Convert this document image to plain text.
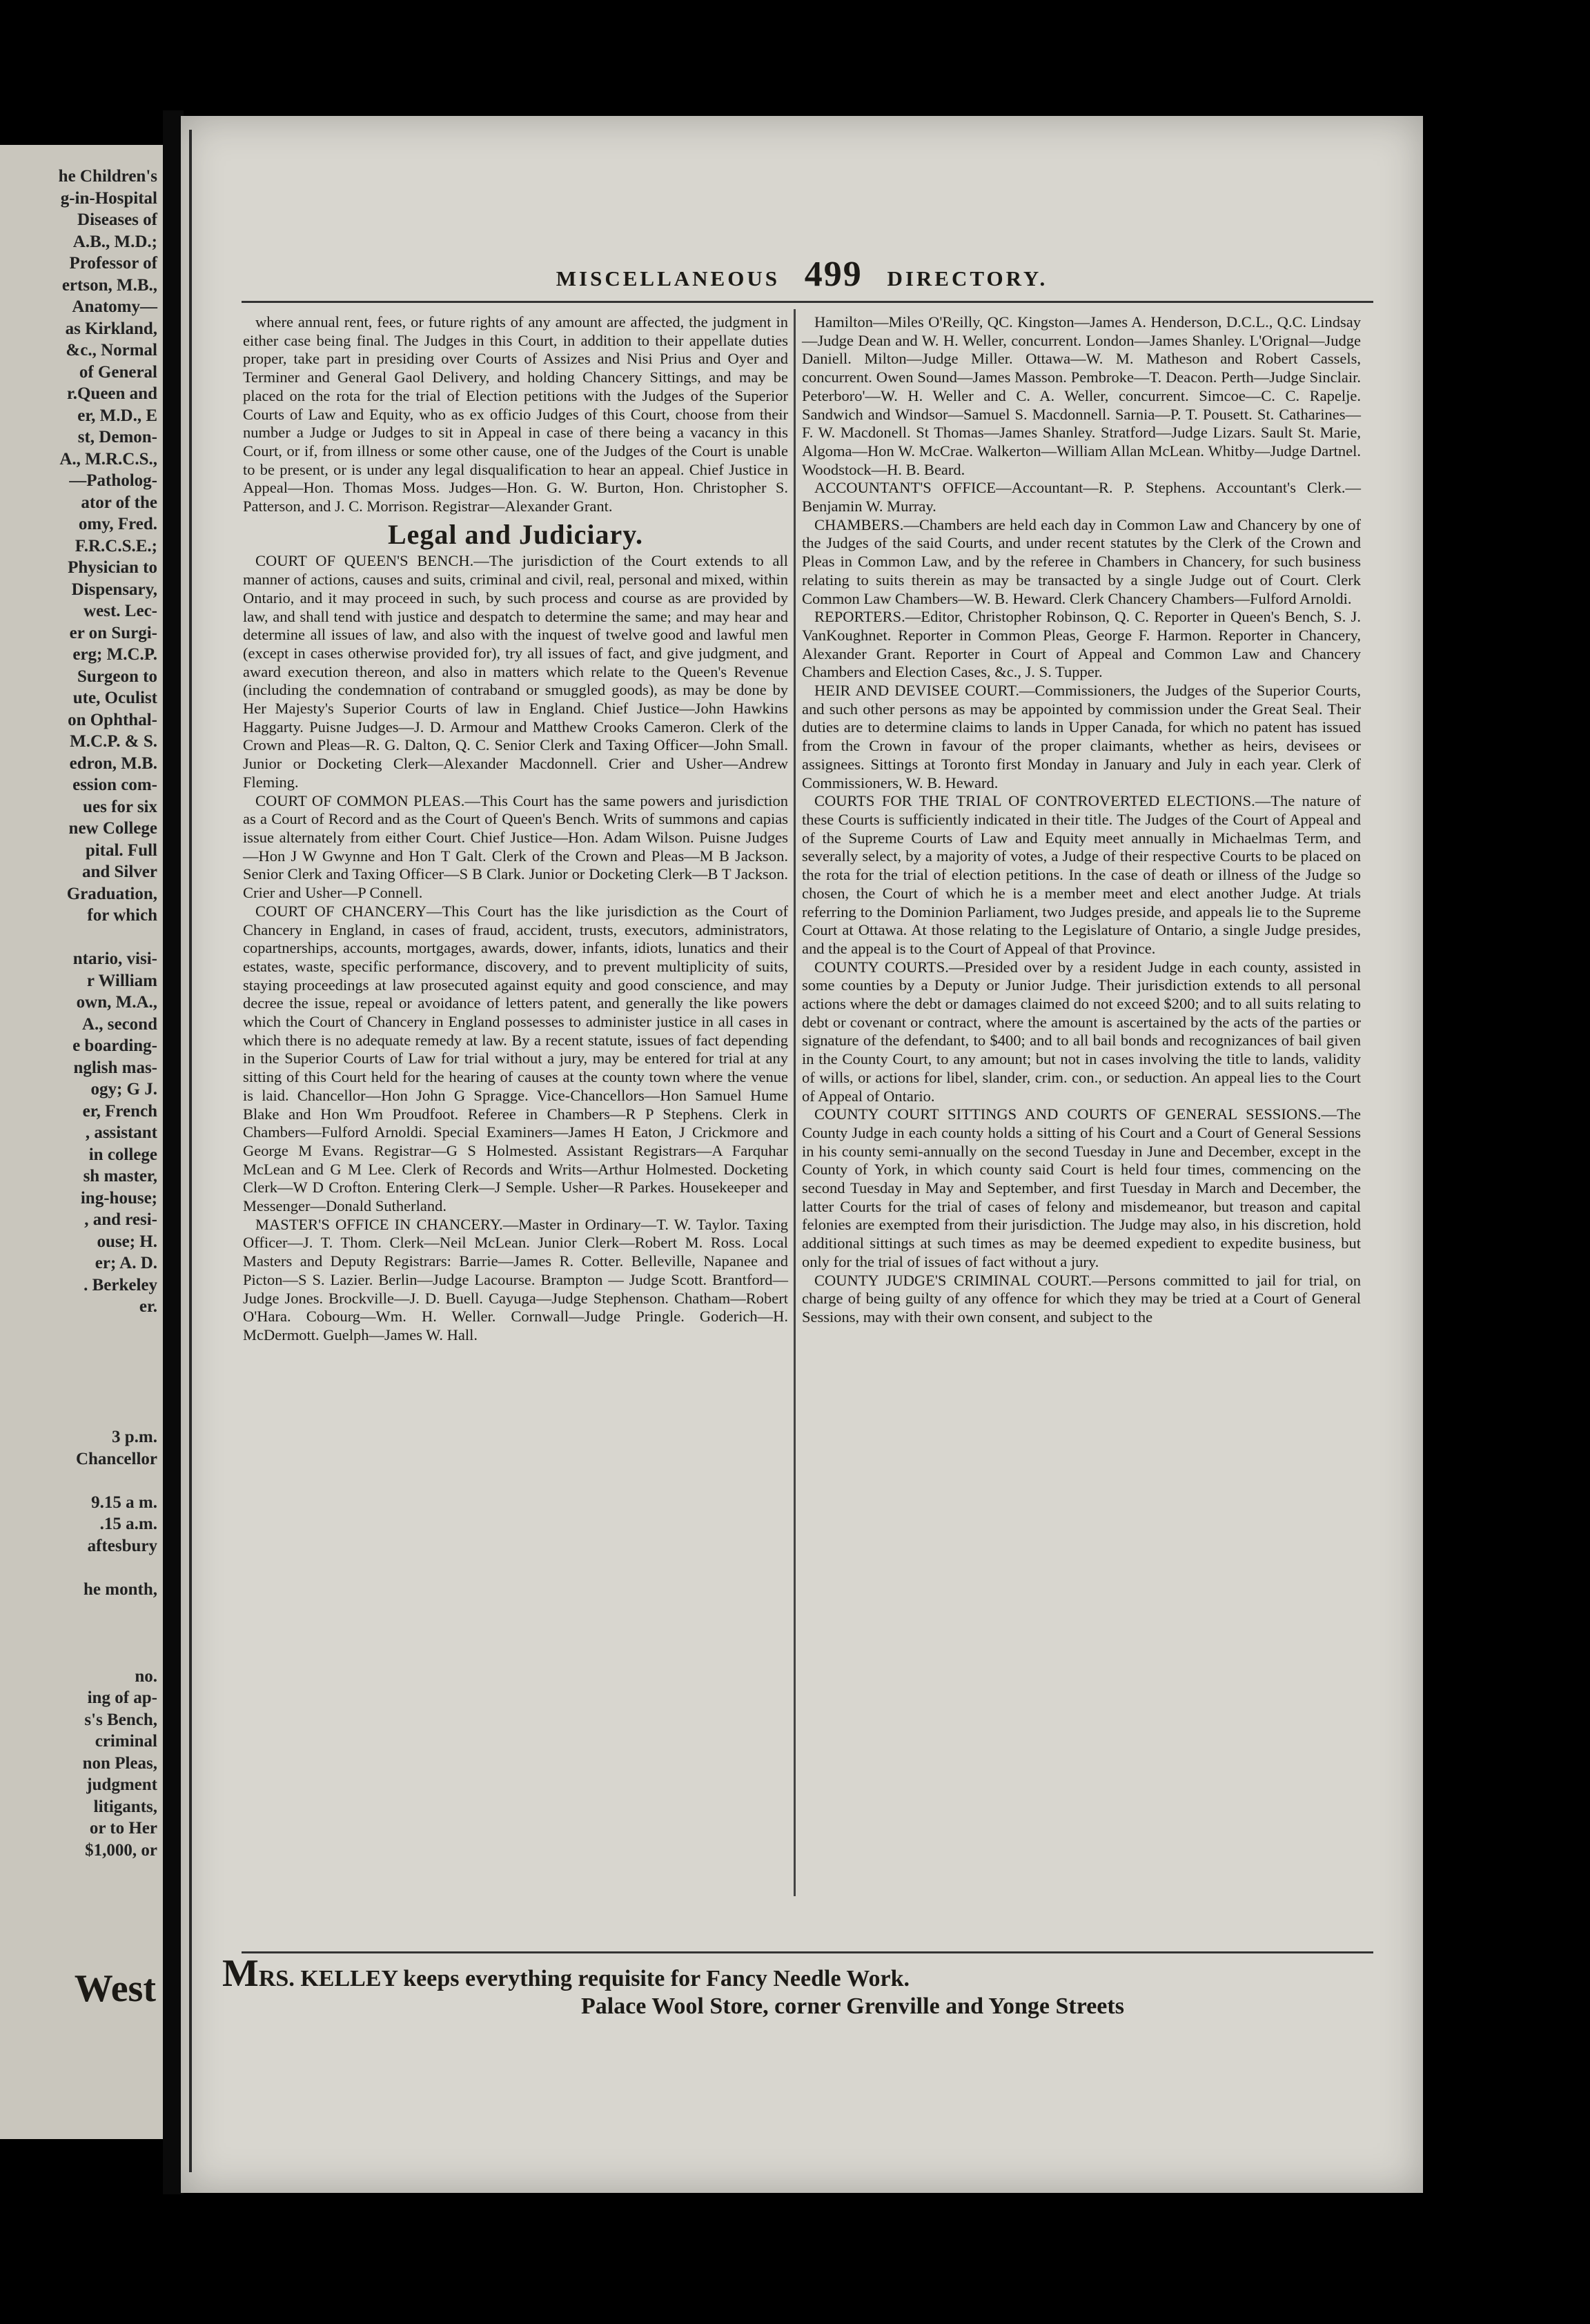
West
he Children's
g-in-Hospital
Diseases of
A.B., M.D.;
Professor of
ertson, M.B.,
Anatomy—
as Kirkland,
&c., Normal
of General
r.Queen and
er, M.D., E
st, Demon-
A., M.R.C.S.,
—Patholog-
ator of the
omy, Fred.
F.R.C.S.E.;
Physician to
Dispensary,
west. Lec-
er on Surgi-
erg; M.C.P.
Surgeon to
ute, Oculist
on Ophthal-
M.C.P. & S.
edron, M.B.
ession com-
ues for six
new College
pital. Full
and Silver
Graduation,
for which
ntario, visi-
r William
own, M.A.,
A., second
e boarding-
nglish mas-
ogy; G J.
er, French
, assistant
in college
sh master,
ing-house;
, and resi-
ouse; H.
er; A. D.
. Berkeley
er.
3 p.m.
Chancellor
9.15 a m.
.15 a.m.
aftesbury
he month,
no.
ing of ap-
s's Bench,
criminal
non Pleas,
judgment
litigants,
or to Her
$1,000, or
MISCELLANEOUS 499 DIRECTORY.

where annual rent, fees, or future rights of any amount are affected, the judgment in either case being final. The Judges in this Court, in addition to their appellate duties proper, take part in presiding over Courts of Assizes and Nisi Prius and Oyer and Terminer and General Gaol Delivery, and holding Chancery Sittings, and may be placed on the rota for the trial of Election petitions with the Judges of the Superior Courts of Law and Equity, who as ex officio Judges of this Court, choose from their number a Judge or Judges to sit in Appeal in case of there being a vacancy in this Court, or if, from illness or some other cause, one of the Judges of the Court is unable to be present, or is under any legal disqualification to hear an appeal. Chief Justice in Appeal—Hon. Thomas Moss. Judges—Hon. G. W. Burton, Hon. Christopher S. Patterson, and J. C. Morrison. Registrar—Alexander Grant.

Legal and Judiciary.

COURT OF QUEEN'S BENCH.—The jurisdiction of the Court extends to all manner of actions, causes and suits, criminal and civil, real, personal and mixed, within Ontario, and it may proceed in such, by such process and course as are provided by law, and shall tend with justice and despatch to determine the same; and may hear and determine all issues of law, and also with the inquest of twelve good and lawful men (except in cases otherwise provided for), try all issues of fact, and give judgment, and award execution thereon, and also in matters which relate to the Queen's Revenue (including the condemnation of contraband or smuggled goods), as may be done by Her Majesty's Superior Courts of law in England. Chief Justice—John Hawkins Haggarty. Puisne Judges—J. D. Armour and Matthew Crooks Cameron. Clerk of the Crown and Pleas—R. G. Dalton, Q. C. Senior Clerk and Taxing Officer—John Small. Junior or Docketing Clerk—Alexander Macdonnell. Crier and Usher—Andrew Fleming.

COURT OF COMMON PLEAS.—This Court has the same powers and jurisdiction as a Court of Record and as the Court of Queen's Bench. Writs of summons and capias issue alternately from either Court. Chief Justice—Hon. Adam Wilson. Puisne Judges—Hon J W Gwynne and Hon T Galt. Clerk of the Crown and Pleas—M B Jackson. Senior Clerk and Taxing Officer—S B Clark. Junior or Docketing Clerk—B T Jackson. Crier and Usher—P Connell.

COURT OF CHANCERY—This Court has the like jurisdiction as the Court of Chancery in England, in cases of fraud, accident, trusts, executors, administrators, copartnerships, accounts, mortgages, awards, dower, infants, idiots, lunatics and their estates, waste, specific performance, discovery, and to prevent multiplicity of suits, staying proceedings at law prosecuted against equity and good conscience, and may decree the issue, repeal or avoidance of letters patent, and generally the like powers which the Court of Chancery in England possesses to administer justice in all cases in which there is no adequate remedy at law. By a recent statute, issues of fact depending in the Superior Courts of Law for trial without a jury, may be entered for trial at any sitting of this Court held for the hearing of causes at the county town where the venue is laid. Chancellor—Hon John G Spragge. Vice-Chancellors—Hon Samuel Hume Blake and Hon Wm Proudfoot. Referee in Chambers—R P Stephens. Clerk in Chambers—Fulford Arnoldi. Special Examiners—James H Eaton, J Crickmore and George M Evans. Registrar—G S Holmested. Assistant Registrars—A Farquhar McLean and G M Lee. Clerk of Records and Writs—Arthur Holmested. Docketing Clerk—W D Crofton. Entering Clerk—J Semple. Usher—R Parkes. Housekeeper and Messenger—Donald Sutherland.

MASTER'S OFFICE IN CHANCERY.—Master in Ordinary—T. W. Taylor. Taxing Officer—J. T. Thom. Clerk—Neil McLean. Junior Clerk—Robert M. Ross. Local Masters and Deputy Registrars: Barrie—James R. Cotter. Belleville, Napanee and Picton—S S. Lazier. Berlin—Judge Lacourse. Brampton — Judge Scott. Brantford—Judge Jones. Brockville—J. D. Buell. Cayuga—Judge Stephenson. Chatham—Robert O'Hara. Cobourg—Wm. H. Weller. Cornwall—Judge Pringle. Goderich—H. McDermott. Guelph—James W. Hall.

Hamilton—Miles O'Reilly, QC. Kingston—James A. Henderson, D.C.L., Q.C. Lindsay—Judge Dean and W. H. Weller, concurrent. London—James Shanley. L'Orignal—Judge Daniell. Milton—Judge Miller. Ottawa—W. M. Matheson and Robert Cassels, concurrent. Owen Sound—James Masson. Pembroke—T. Deacon. Perth—Judge Sinclair. Peterboro'—W. H. Weller and C. A. Weller, concurrent. Simcoe—C. C. Rapelje. Sandwich and Windsor—Samuel S. Macdonnell. Sarnia—P. T. Pousett. St. Catharines—F. W. Macdonell. St Thomas—James Shanley. Stratford—Judge Lizars. Sault St. Marie, Algoma—Hon W. McCrae. Walkerton—William Allan McLean. Whitby—Judge Dartnel. Woodstock—H. B. Beard.

ACCOUNTANT'S OFFICE—Accountant—R. P. Stephens. Accountant's Clerk.—Benjamin W. Murray.

CHAMBERS.—Chambers are held each day in Common Law and Chancery by one of the Judges of the said Courts, and under recent statutes by the Clerk of the Crown and Pleas in Common Law, and by the referee in Chambers in Chancery, for such business relating to suits therein as may be transacted by a single Judge out of Court. Clerk Common Law Chambers—W. B. Heward. Clerk Chancery Chambers—Fulford Arnoldi.

REPORTERS.—Editor, Christopher Robinson, Q. C. Reporter in Queen's Bench, S. J. VanKoughnet. Reporter in Common Pleas, George F. Harmon. Reporter in Chancery, Alexander Grant. Reporter in Court of Appeal and Common Law and Chancery Chambers and Election Cases, &c., J. S. Tupper.

HEIR AND DEVISEE COURT.—Commissioners, the Judges of the Superior Courts, and such other persons as may be appointed by commission under the Great Seal. Their duties are to determine claims to lands in Upper Canada, for which no patent has issued from the Crown in favour of the proper claimants, whether as heirs, devisees or assignees. Sittings at Toronto first Monday in January and July in each year. Clerk of Commissioners, W. B. Heward.

COURTS FOR THE TRIAL OF CONTROVERTED ELECTIONS.—The nature of these Courts is sufficiently indicated in their title. The Judges of the Court of Appeal and of the Supreme Courts of Law and Equity meet annually in Michaelmas Term, and severally select, by a majority of votes, a Judge of their respective Courts to be placed on the rota for the trial of election petitions. In the case of death or illness of the Judge so chosen, the Court of which he is a member meet and elect another Judge. At trials referring to the Dominion Parliament, two Judges preside, and appeals lie to the Supreme Court at Ottawa. At those relating to the Legislature of Ontario, a single Judge presides, and the appeal is to the Court of Appeal of that Province.

COUNTY COURTS.—Presided over by a resident Judge in each county, assisted in some counties by a Deputy or Junior Judge. Their jurisdiction extends to all personal actions where the debt or damages claimed do not exceed $200; and to all suits relating to debt or covenant or contract, where the amount is ascertained by the acts of the parties or signature of the defendant, to $400; and to all bail bonds and recognizances of bail given in the County Court, to any amount; but not in cases involving the title to lands, validity of wills, or actions for libel, slander, crim. con., or seduction. An appeal lies to the Court of Appeal of Ontario.

COUNTY COURT SITTINGS AND COURTS OF GENERAL SESSIONS.—The County Judge in each county holds a sitting of his Court and a Court of General Sessions in his county semi-annually on the second Tuesday in June and December, except in the County of York, in which county said Court is held four times, commencing on the second Tuesday in May and September, and first Tuesday in March and December, the latter Courts for the trial of cases of felony and misdemeanor, but treason and capital felonies are exempted from their jurisdiction. The Judge may also, in his discretion, hold additional sittings at such times as may be deemed expedient to expedite business, but only for the trial of issues of fact without a jury.

COUNTY JUDGE'S CRIMINAL COURT.—Persons committed to jail for trial, on charge of being guilty of any offence for which they may be tried at a Court of General Sessions, may with their own consent, and subject to the

MRS. KELLEY keeps everything requisite for Fancy Needle Work.
Palace Wool Store, corner Grenville and Yonge Streets
